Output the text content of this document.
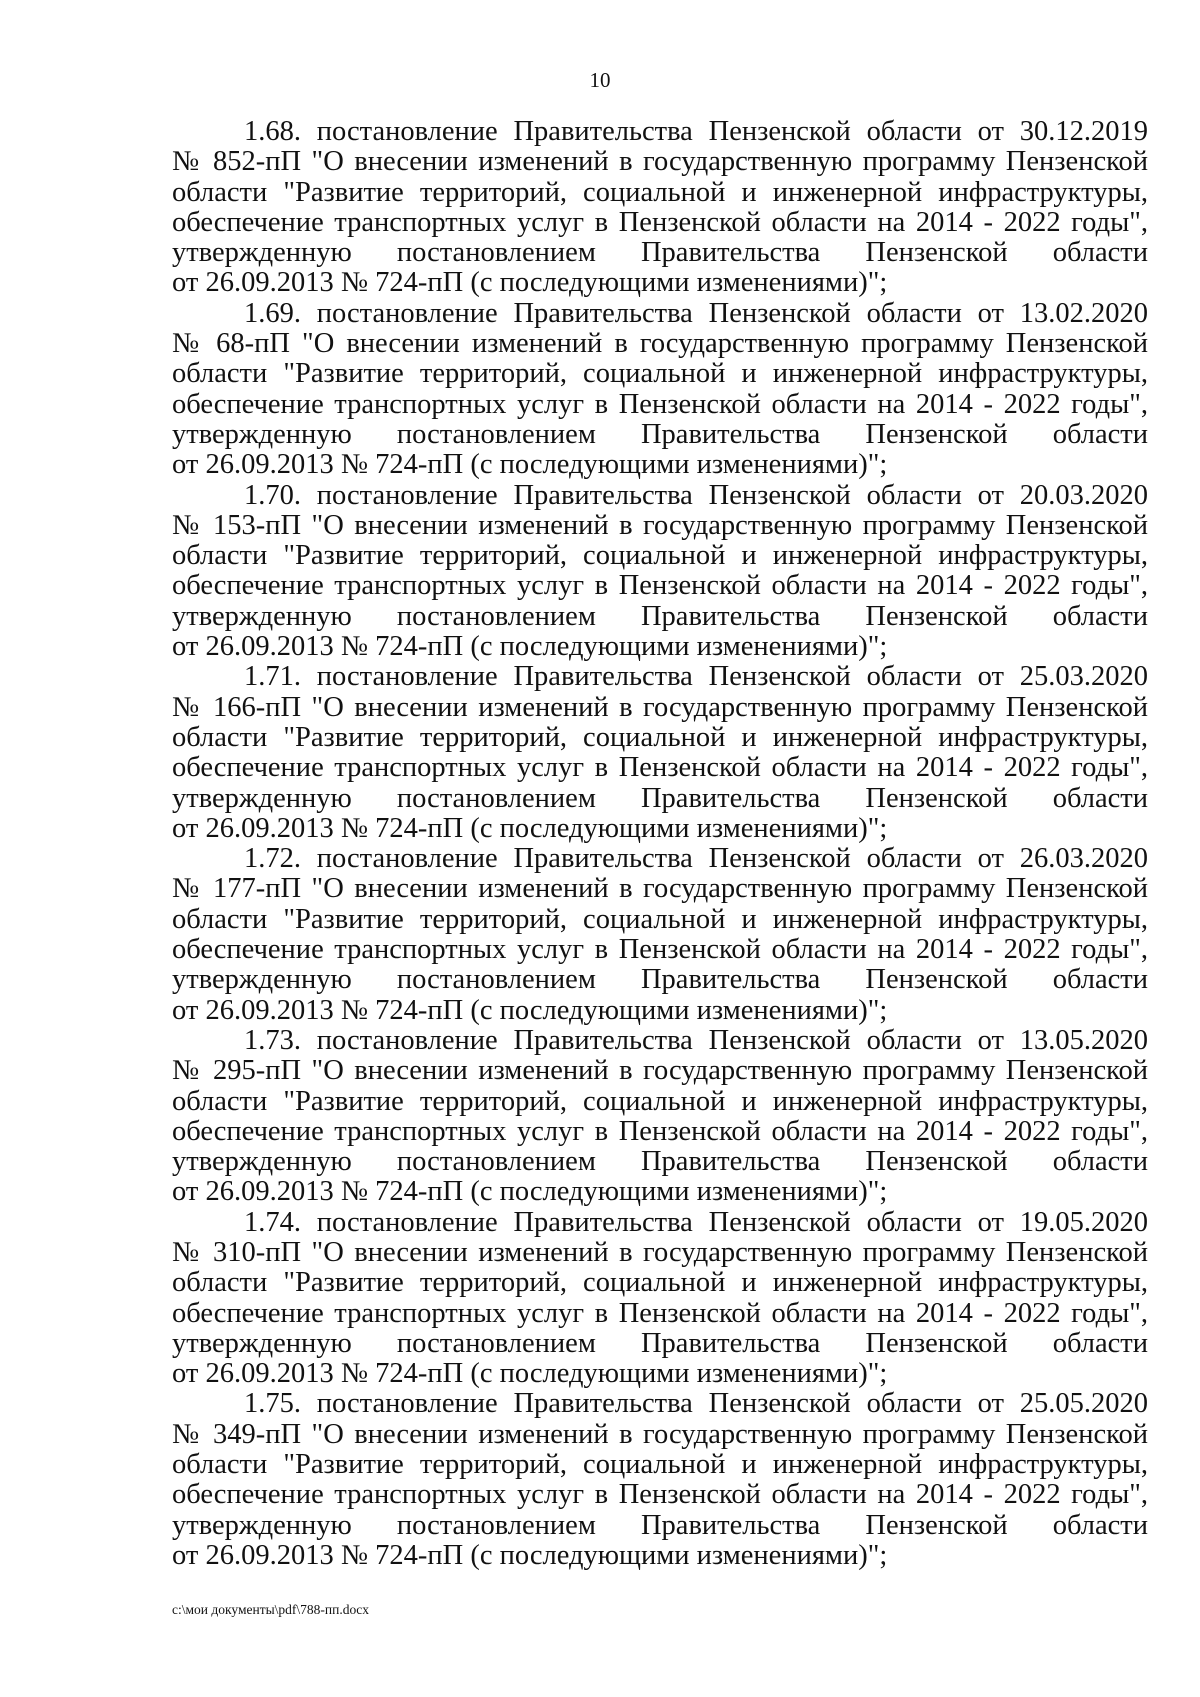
10
1.68. постановление Правительства Пензенской области от 30.12.2019
№ 852-пП "О внесении изменений в государственную программу Пензенской
области "Развитие территорий, социальной и инженерной инфраструктуры,
обеспечение транспортных услуг в Пензенской области на 2014 - 2022 годы",
утвержденную постановлением Правительства Пензенской области
от 26.09.2013 № 724-пП (с последующими изменениями)";
1.69. постановление Правительства Пензенской области от 13.02.2020
№ 68-пП "О внесении изменений в государственную программу Пензенской
области "Развитие территорий, социальной и инженерной инфраструктуры,
обеспечение транспортных услуг в Пензенской области на 2014 - 2022 годы",
утвержденную постановлением Правительства Пензенской области
от 26.09.2013 № 724-пП (с последующими изменениями)";
1.70. постановление Правительства Пензенской области от 20.03.2020
№ 153-пП "О внесении изменений в государственную программу Пензенской
области "Развитие территорий, социальной и инженерной инфраструктуры,
обеспечение транспортных услуг в Пензенской области на 2014 - 2022 годы",
утвержденную постановлением Правительства Пензенской области
от 26.09.2013 № 724-пП (с последующими изменениями)";
1.71. постановление Правительства Пензенской области от 25.03.2020
№ 166-пП "О внесении изменений в государственную программу Пензенской
области "Развитие территорий, социальной и инженерной инфраструктуры,
обеспечение транспортных услуг в Пензенской области на 2014 - 2022 годы",
утвержденную постановлением Правительства Пензенской области
от 26.09.2013 № 724-пП (с последующими изменениями)";
1.72. постановление Правительства Пензенской области от 26.03.2020
№ 177-пП "О внесении изменений в государственную программу Пензенской
области "Развитие территорий, социальной и инженерной инфраструктуры,
обеспечение транспортных услуг в Пензенской области на 2014 - 2022 годы",
утвержденную постановлением Правительства Пензенской области
от 26.09.2013 № 724-пП (с последующими изменениями)";
1.73. постановление Правительства Пензенской области от 13.05.2020
№ 295-пП "О внесении изменений в государственную программу Пензенской
области "Развитие территорий, социальной и инженерной инфраструктуры,
обеспечение транспортных услуг в Пензенской области на 2014 - 2022 годы",
утвержденную постановлением Правительства Пензенской области
от 26.09.2013 № 724-пП (с последующими изменениями)";
1.74. постановление Правительства Пензенской области от 19.05.2020
№ 310-пП "О внесении изменений в государственную программу Пензенской
области "Развитие территорий, социальной и инженерной инфраструктуры,
обеспечение транспортных услуг в Пензенской области на 2014 - 2022 годы",
утвержденную постановлением Правительства Пензенской области
от 26.09.2013 № 724-пП (с последующими изменениями)";
1.75. постановление Правительства Пензенской области от 25.05.2020
№ 349-пП "О внесении изменений в государственную программу Пензенской
области "Развитие территорий, социальной и инженерной инфраструктуры,
обеспечение транспортных услуг в Пензенской области на 2014 - 2022 годы",
утвержденную постановлением Правительства Пензенской области
от 26.09.2013 № 724-пП (с последующими изменениями)";
c:\мои документы\pdf\788-пп.docx
